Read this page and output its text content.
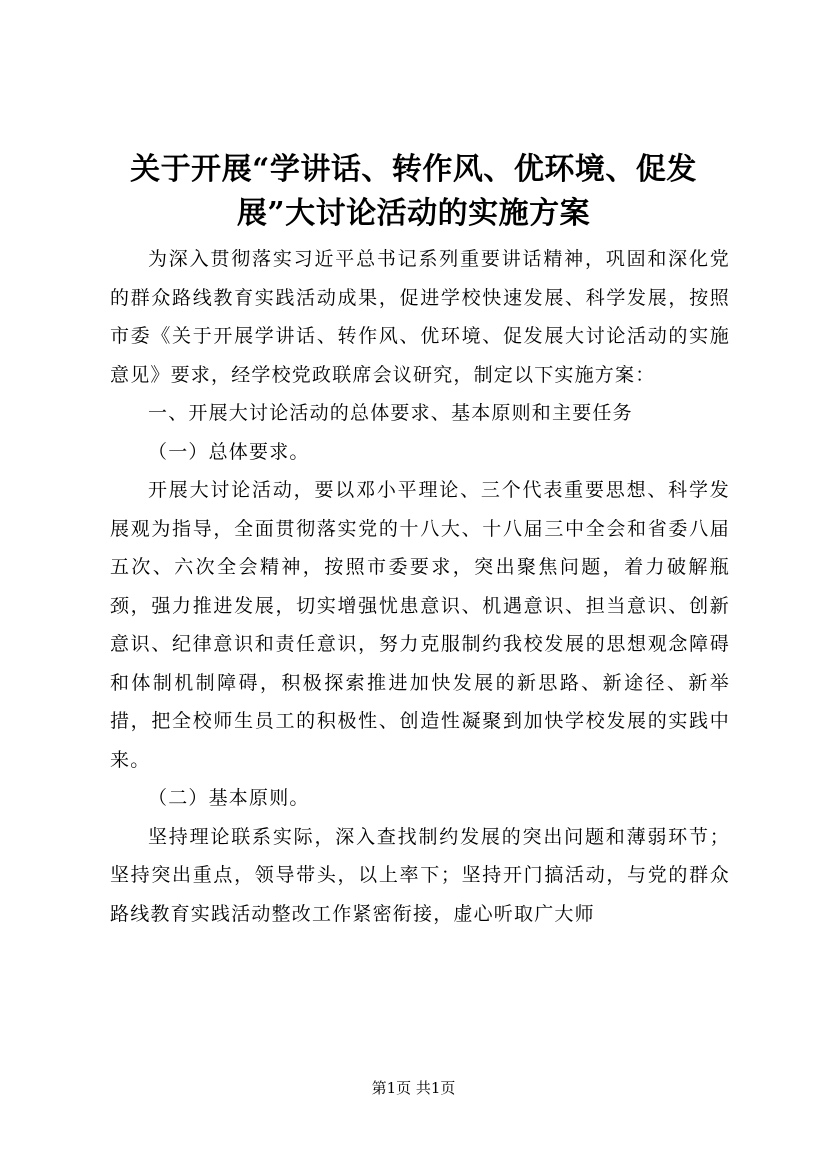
关于开展“学讲话、转作风、优环境、促发
展”大讨论活动的实施方案

为深入贯彻落实习近平总书记系列重要讲话精神，巩固和深化党的群众路线教育实践活动成果，促进学校快速发展、科学发展，按照市委《关于开展学讲话、转作风、优环境、促发展大讨论活动的实施意见》要求，经学校党政联席会议研究，制定以下实施方案：

一、开展大讨论活动的总体要求、基本原则和主要任务

（一）总体要求。

开展大讨论活动，要以邓小平理论、三个代表重要思想、科学发展观为指导，全面贯彻落实党的十八大、十八届三中全会和省委八届五次、六次全会精神，按照市委要求，突出聚焦问题，着力破解瓶颈，强力推进发展，切实增强忧患意识、机遇意识、担当意识、创新意识、纪律意识和责任意识，努力克服制约我校发展的思想观念障碍和体制机制障碍，积极探索推进加快发展的新思路、新途径、新举措，把全校师生员工的积极性、创造性凝聚到加快学校发展的实践中来。

（二）基本原则。

坚持理论联系实际，深入查找制约发展的突出问题和薄弱环节；坚持突出重点，领导带头，以上率下；坚持开门搞活动，与党的群众路线教育实践活动整改工作紧密衔接，虚心听取广大师

第1页 共1页
